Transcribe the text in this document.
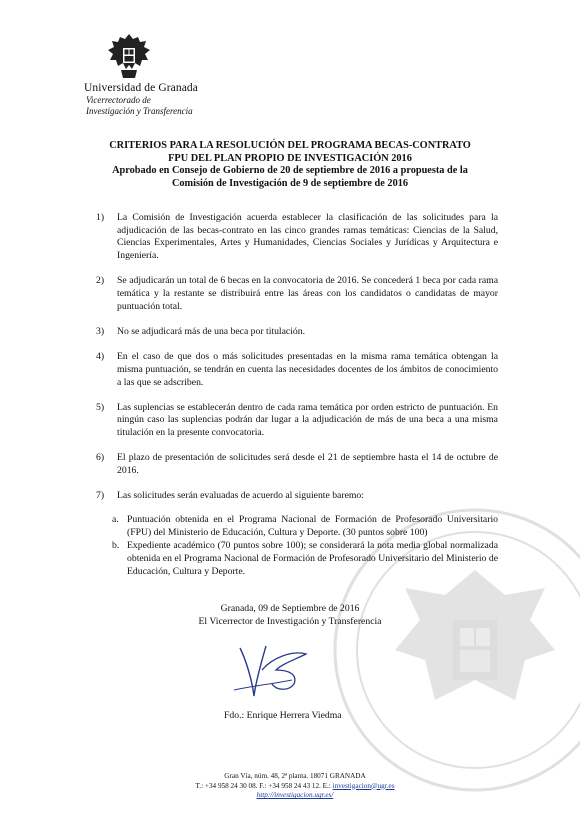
Universidad de Granada
Vicerrectorado de
Investigación y Transferencia
CRITERIOS PARA LA RESOLUCIÓN DEL PROGRAMA BECAS-CONTRATO
FPU DEL PLAN PROPIO DE INVESTIGACIÓN 2016
Aprobado en Consejo de Gobierno de 20 de septiembre de 2016 a propuesta de la
Comisión de Investigación de 9 de septiembre de 2016
1)	La Comisión de Investigación acuerda establecer la clasificación de las solicitudes para la adjudicación de las becas-contrato en las cinco grandes ramas temáticas: Ciencias de la Salud, Ciencias Experimentales, Artes y Humanidades, Ciencias Sociales y Jurídicas y Arquitectura e Ingeniería.
2)	Se adjudicarán un total de 6 becas en la convocatoria de 2016. Se concederá 1 beca por cada rama temática y la restante se distribuirá entre las áreas con los candidatos o candidatas de mayor puntuación total.
3)	No se adjudicará más de una beca por titulación.
4)	En el caso de que dos o más solicitudes presentadas en la misma rama temática obtengan la misma puntuación, se tendrán en cuenta las necesidades docentes de los ámbitos de conocimiento a las que se adscriben.
5)	Las suplencias se establecerán dentro de cada rama temática por orden estricto de puntuación. En ningún caso las suplencias podrán dar lugar a la adjudicación de más de una beca a una misma titulación en la presente convocatoria.
6)	El plazo de presentación de solicitudes será desde el 21 de septiembre hasta el 14 de octubre de 2016.
7)	Las solicitudes serán evaluadas de acuerdo al siguiente baremo:
a. Puntuación obtenida en el Programa Nacional de Formación de Profesorado Universitario (FPU) del Ministerio de Educación, Cultura y Deporte. (30 puntos sobre 100)
b. Expediente académico (70 puntos sobre 100); se considerará la nota media global normalizada obtenida en el Programa Nacional de Formación de Profesorado Universitario del Ministerio de Educación, Cultura y Deporte.
Granada, 09 de Septiembre de 2016
El Vicerrector de Investigación y Transferencia
Fdo.: Enrique Herrera Viedma
Gran Vía, núm. 48, 2ª planta. 18071 GRANADA
T.: +34 958 24 30 08. F.: +34 958 24 43 12. E.: investigacion@ugr.es
http://investigacion.ugr.es/
